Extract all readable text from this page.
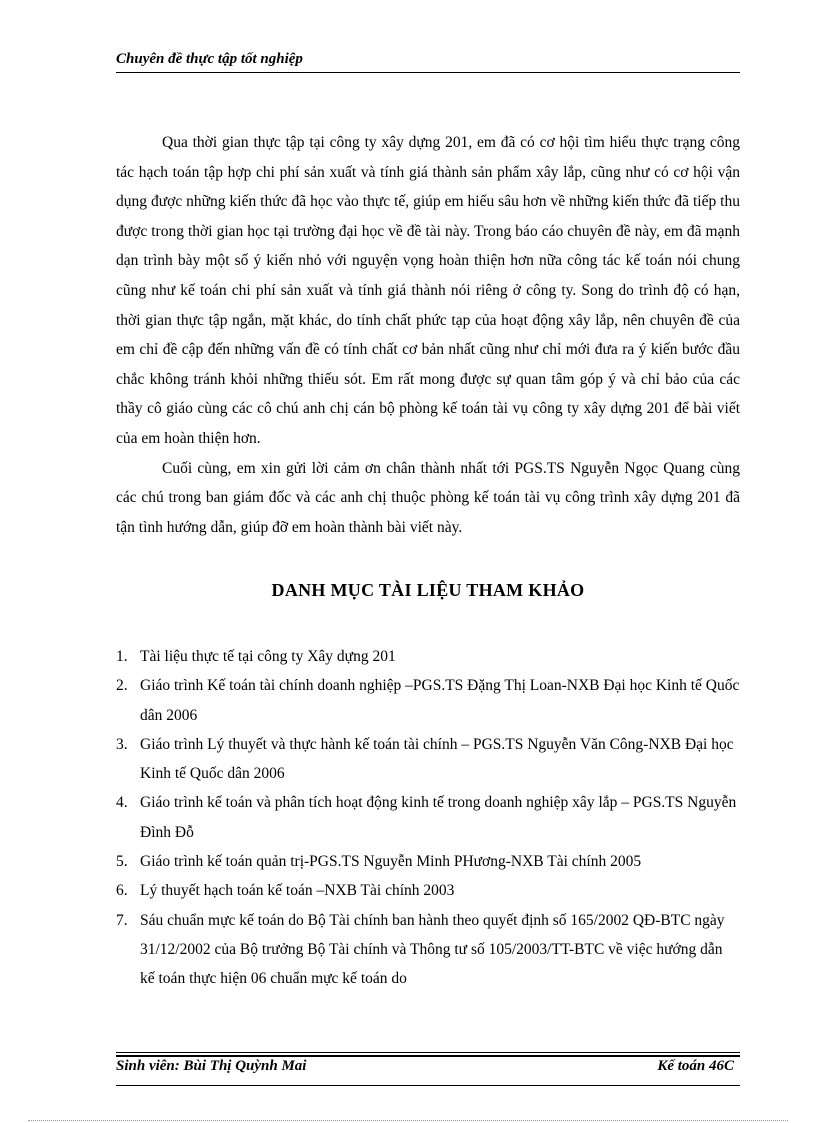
Chuyên đề thực tập tốt nghiệp

Qua thời gian thực tập tại công ty xây dựng 201, em đã có cơ hội tìm hiểu thực trạng công tác hạch toán tập hợp chi phí sản xuất và tính giá thành sản phẩm xây lắp, cũng như có cơ hội vận dụng được những kiến thức đã học vào thực tế, giúp em hiểu sâu hơn về những kiến thức đã tiếp thu được trong thời gian học tại trường đại học về đề tài này. Trong báo cáo chuyên đề này, em đã mạnh dạn trình bày một số ý kiến nhỏ với nguyện vọng hoàn thiện hơn nữa công tác kế toán nói chung cũng như kế toán chi phí sản xuất và tính giá thành nói riêng ở công ty. Song do trình độ có hạn, thời gian thực tập ngắn, mặt khác, do tính chất phức tạp của hoạt động xây lắp, nên chuyên đề của em chỉ đề cập đến những vấn đề có tính chất cơ bản nhất cũng như chỉ mới đưa ra ý kiến bước đầu chắc không tránh khỏi những thiếu sót. Em rất mong được sự quan tâm góp ý và chỉ bảo của các thầy cô giáo cùng các cô chú anh chị cán bộ phòng kế toán tài vụ công ty xây dựng 201 để bài viết của em hoàn thiện hơn.

Cuối cùng, em xin gửi lời cảm ơn chân thành nhất tới PGS.TS Nguyễn Ngọc Quang cùng các chú trong ban giám đốc và các anh chị thuộc phòng kế toán tài vụ công trình xây dựng 201 đã tận tình hướng dẫn, giúp đỡ em hoàn thành bài viết này.

DANH MỤC TÀI LIỆU THAM KHẢO
1. Tài liệu thực tế tại công ty Xây dựng 201
2. Giáo trình Kế toán tài chính doanh nghiệp –PGS.TS Đặng Thị Loan-NXB Đại học Kinh tế Quốc dân 2006
3. Giáo trình Lý thuyết và thực hành kế toán tài chính – PGS.TS Nguyễn Văn Công-NXB Đại học Kinh tế Quốc dân 2006
4. Giáo trình kế toán và phân tích hoạt động kinh tế trong doanh nghiệp xây lắp – PGS.TS Nguyễn Đình Đỗ
5. Giáo trình kế toán quản trị-PGS.TS Nguyễn Minh PHương-NXB Tài chính 2005
6. Lý thuyết hạch toán kế toán –NXB Tài chính 2003
7. Sáu chuẩn mực kế toán do Bộ Tài chính ban hành theo quyết định số 165/2002 QĐ-BTC ngày 31/12/2002 của Bộ trưởng Bộ Tài chính và Thông tư số 105/2003/TT-BTC về việc hướng dẫn kế toán thực hiện 06 chuẩn mực kế toán do
Sinh viên: Bùi Thị Quỳnh Mai	Kế toán 46C
